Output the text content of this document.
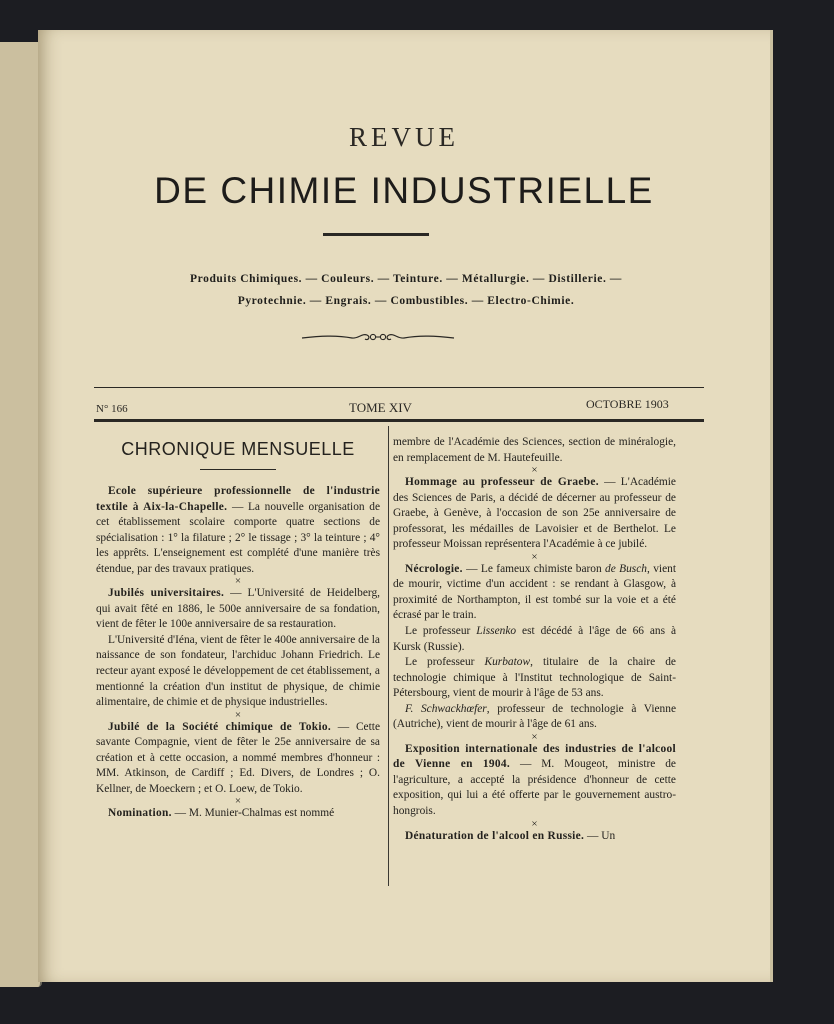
REVUE
DE CHIMIE INDUSTRIELLE
Produits Chimiques. — Couleurs. — Teinture. — Métallurgie. — Distillerie. —
Pyrotechnie. — Engrais. — Combustibles. — Electro-Chimie.
N° 166	TOME XIV	OCTOBRE 1903

CHRONIQUE MENSUELLE

Ecole supérieure professionnelle de l'industrie textile à Aix-la-Chapelle. — La nouvelle organisation de cet établissement scolaire comporte quatre sections de spécialisation : 1° la filature ; 2° le tissage ; 3° la teinture ; 4° les apprêts. L'enseignement est complété d'une manière très étendue, par des travaux pratiques.

×

Jubilés universitaires. — L'Université de Heidelberg, qui avait fêté en 1886, le 500e anniversaire de sa fondation, vient de fêter le 100e anniversaire de sa restauration.

L'Université d'Iéna, vient de fêter le 400e anniversaire de la naissance de son fondateur, l'archiduc Johann Friedrich. Le recteur ayant exposé le développement de cet établissement, a mentionné la création d'un institut de physique, de chimie alimentaire, de chimie et de physique industrielles.

×

Jubilé de la Société chimique de Tokio. — Cette savante Compagnie, vient de fêter le 25e anniversaire de sa création et à cette occasion, a nommé membres d'honneur : MM. Atkinson, de Cardiff ; Ed. Divers, de Londres ; O. Kellner, de Moeckern ; et O. Loew, de Tokio.

×

Nomination. — M. Munier-Chalmas est nommé

membre de l'Académie des Sciences, section de minéralogie, en remplacement de M. Hautefeuille.

×

Hommage au professeur de Graebe. — L'Académie des Sciences de Paris, a décidé de décerner au professeur de Graebe, à Genève, à l'occasion de son 25e anniversaire de professorat, les médailles de Lavoisier et de Berthelot. Le professeur Moissan représentera l'Académie à ce jubilé.

×

Nécrologie. — Le fameux chimiste baron de Busch, vient de mourir, victime d'un accident : se rendant à Glasgow, à proximité de Northampton, il est tombé sur la voie et a été écrasé par le train.

Le professeur Lissenko est décédé à l'âge de 66 ans à Kursk (Russie).

Le professeur Kurbatow, titulaire de la chaire de technologie chimique à l'Institut technologique de Saint-Pétersbourg, vient de mourir à l'âge de 53 ans.

F. Schwackhœfer, professeur de technologie à Vienne (Autriche), vient de mourir à l'âge de 61 ans.

×

Exposition internationale des industries de l'alcool de Vienne en 1904. — M. Mougeot, ministre de l'agriculture, a accepté la présidence d'honneur de cette exposition, qui lui a été offerte par le gouvernement austro-hongrois.

×

Dénaturation de l'alcool en Russie. — Un
